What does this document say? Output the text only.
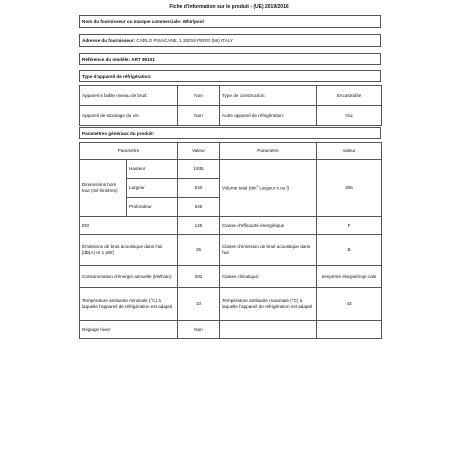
Fiche d'information sur le produit - (UE) 2019/2016
Nom du fournisseur ou marque commerciale:
Whirlpool
Adresse du fournisseur:
CARLO PISACANE, 1 20016 PERO (MI) ITALY
Référence du modèle:
ART 96101
Type d'appareil de réfrigération:
Appareil à faible niveau de bruit:	Non	Type de construction:	Encastrable
Appareil de stockage du vin:	Non	Autre appareil de réfrigération:	Oui
Paramètres généraux du produit:
Paramètre		Valeur	Paramètre	Valeur
Dimensions hors tout (mil-limètres)	Hauteur	1935	Volume total ($dm^3$ Largeur x ou l)	306
	Largeur	540		
	Profondeur	545		
EEI		125	Classe d'efficacité énergétique	F
Émissions de bruit acoustique dans l'air [dB(A) re 1 pW]		35	Classe d'émission de bruit acoustique dans l'air	B
Consommation d'énergie annuelle (kWh/an)		282	Classe climatique:	tempérée élargie/tropi-cale
Température ambiante minimale (°C) à laquelle l'appareil de réfrigération est adapté		10	Température ambiante maximale (°C) à laquelle l'appareil de réfrigération est adapté	43
Réglage hiver		Non		
